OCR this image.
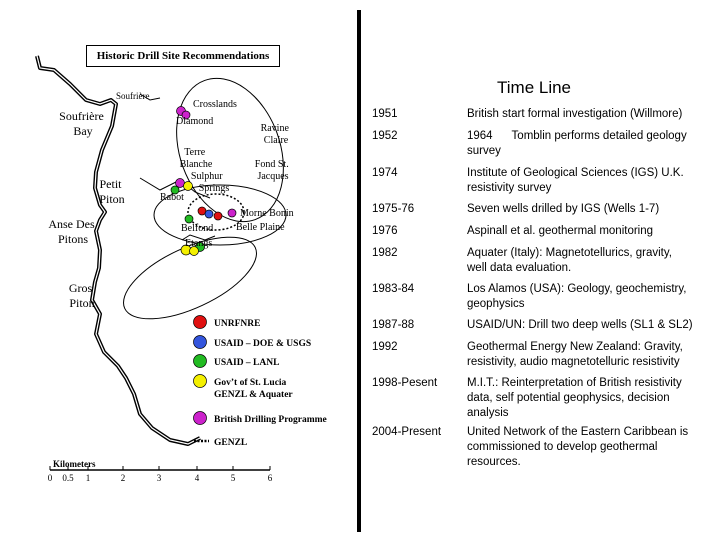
Soufrière
Soufrière Bay
Crosslands
Diamond
Ravine Claire
Terre Blanche	Fond St. Jacques
Sulphur Springs
Petit Piton	Rabot
Morne Bonin
Belle Plaine
Belfond
Etangs
Anse Des Pitons
Gros Piton
UNRFNRE
USAID – DOE & USGS
USAID – LANL
Gov’t of St. Lucia GENZL & Aquater
British Drilling Programme
GENZL
Kilometers
0 0.5 1	2	3	4	5	6
Historic Drill Site Recommendations
Time Line
1951	British start formal investigation (Willmore)
1952	1964      Tomblin performs detailed geology
survey
1974	Institute of Geological Sciences (IGS) U.K.
resistivity survey
1975-76	Seven wells drilled by IGS (Wells 1-7)
1976	Aspinall et al. geothermal monitoring
1982	Aquater (Italy): Magnetotellurics, gravity,
well data evaluation.
1983-84	Los Alamos (USA): Geology, geochemistry,
geophysics
1987-88	USAID/UN: Drill two deep wells (SL1 & SL2)
1992	Geothermal Energy New Zealand: Gravity,
resistivity, audio magnetotelluric resistivity
1998-Pesent	M.I.T.: Reinterpretation of British resistivity
data, self potential geophysics, decision
analysis
2004-Present	United Network of the Eastern Caribbean is
commissioned to develop geothermal
resources.
